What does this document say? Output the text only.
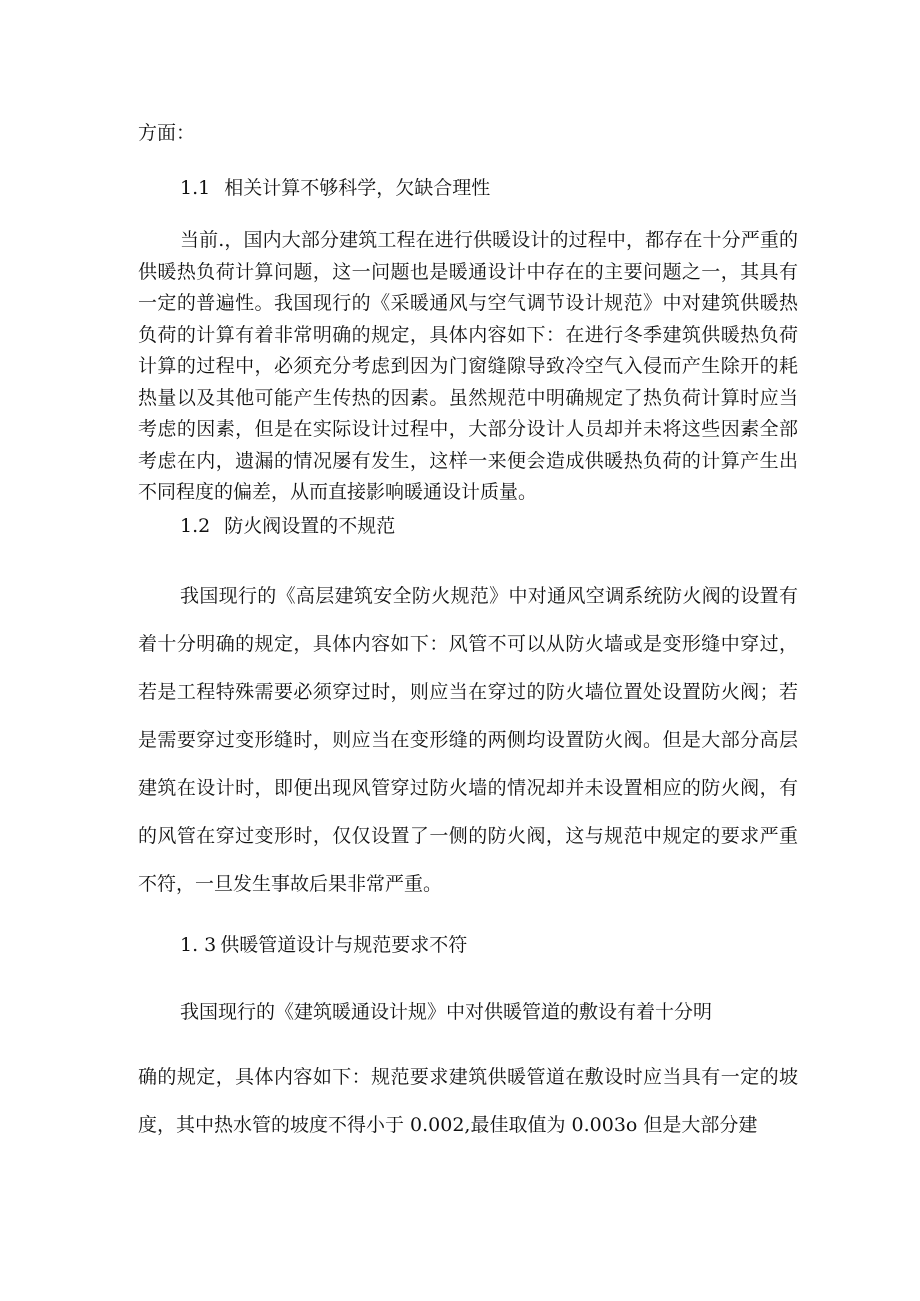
方面：

1.1 相关计算不够科学，欠缺合理性

当前.，国内大部分建筑工程在进行供暖设计的过程中，都存在十分严重的供暖热负荷计算问题，这一问题也是暖通设计中存在的主要问题之一，其具有一定的普遍性。我国现行的《采暖通风与空气调节设计规范》中对建筑供暖热负荷的计算有着非常明确的规定，具体内容如下：在进行冬季建筑供暖热负荷计算的过程中，必须充分考虑到因为门窗缝隙导致冷空气入侵而产生除开的耗热量以及其他可能产生传热的因素。虽然规范中明确规定了热负荷计算时应当考虑的因素，但是在实际设计过程中，大部分设计人员却并未将这些因素全部考虑在内，遗漏的情况屡有发生，这样一来便会造成供暖热负荷的计算产生出不同程度的偏差，从而直接影响暖通设计质量。

1.2 防火阀设置的不规范

我国现行的《高层建筑安全防火规范》中对通风空调系统防火阀的设置有着十分明确的规定，具体内容如下：风管不可以从防火墙或是变形缝中穿过，若是工程特殊需要必须穿过时，则应当在穿过的防火墙位置处设置防火阀；若是需要穿过变形缝时，则应当在变形缝的两侧均设置防火阀。但是大部分高层建筑在设计时，即便出现风管穿过防火墙的情况却并未设置相应的防火阀，有的风管在穿过变形时，仅仅设置了一侧的防火阀，这与规范中规定的要求严重不符，一旦发生事故后果非常严重。

1. 3 供暖管道设计与规范要求不符

我国现行的《建筑暖通设计规》中对供暖管道的敷设有着十分明

确的规定，具体内容如下：规范要求建筑供暖管道在敷设时应当具有一定的坡度，其中热水管的坡度不得小于 0.002,最佳取值为 0.003o 但是大部分建
